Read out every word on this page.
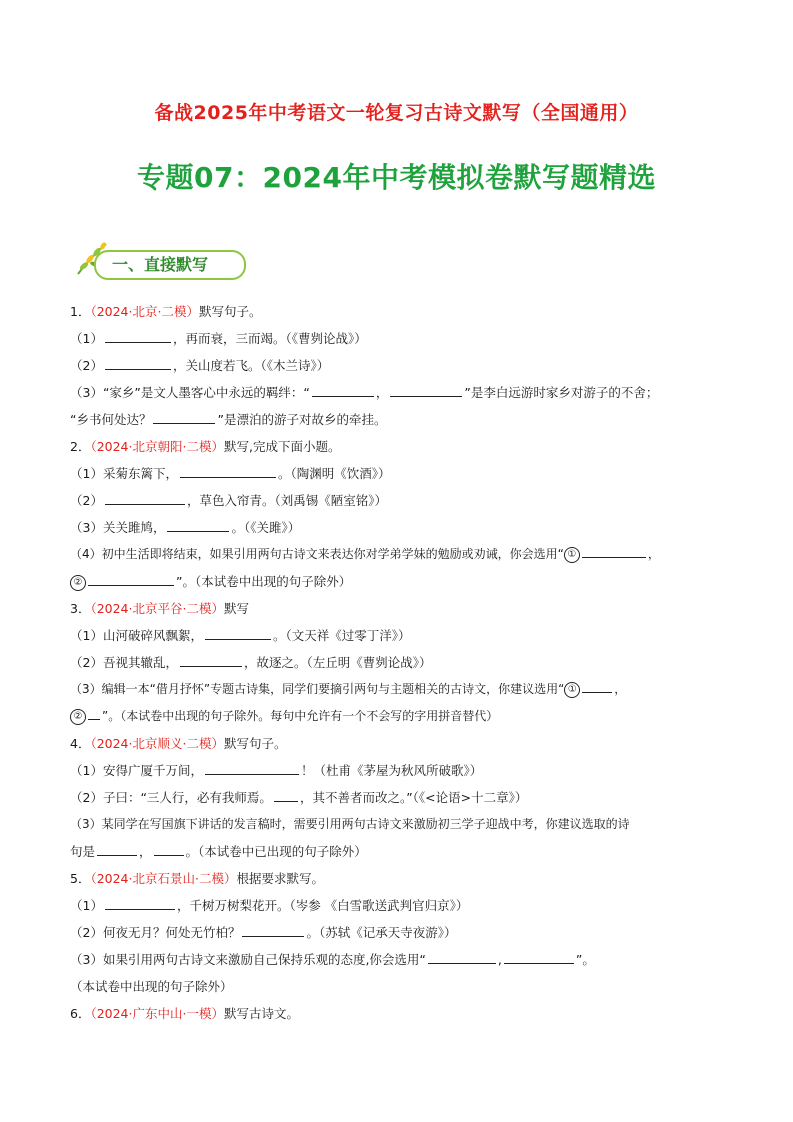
备战2025年中考语文一轮复习古诗文默写（全国通用）
专题07：2024年中考模拟卷默写题精选
一、直接默写
1．（2024·北京·二模）默写句子。
（1）	，再而衰，三而竭。（《曹刿论战》）
（2）	，关山度若飞。（《木兰诗》）
（3）“家乡”是文人墨客心中永远的羁绊：“	，	”是李白远游时家乡对游子的不舍；
“乡书何处达？	”是漂泊的游子对故乡的牵挂。
2．（2024·北京朝阳·二模）默写,完成下面小题。
（1）采菊东篱下，	。（陶渊明《饮酒》）
（2）	，草色入帘青。（刘禹锡《陋室铭》）
（3）关关雎鸠，	。（《关雎》）
（4）初中生活即将结束，如果引用两句古诗文来表达你对学弟学妹的勉励或劝诫，你会选用“ ①	，
②	”。（本试卷中出现的句子除外）
3．（2024·北京平谷·二模）默写
（1）山河破碎风飘絮，	。（文天祥《过零丁洋》）
（2）吾视其辙乱，	，故逐之。（左丘明《曹刿论战》）
（3）编辑一本“借月抒怀”专题古诗集，同学们要摘引两句与主题相关的古诗文，你建议选用“ ①	，
② ”。（本试卷中出现的句子除外。每句中允许有一个不会写的字用拼音替代）
4．（2024·北京顺义·二模）默写句子。
（1）安得广厦千万间，	！（杜甫《茅屋为秋风所破歌》）
（2）子曰：“三人行，必有我师焉。 ，其不善者而改之。”（《<论语>十二章》）
（3）某同学在写国旗下讲话的发言稿时，需要引用两句古诗文来激励初三学子迎战中考，你建议选取的诗
句是	，	。（本试卷中已出现的句子除外）
5．（2024·北京石景山·二模）根据要求默写。
（1）	，千树万树梨花开。（岑参 《白雪歌送武判官归京》）
（2）何夜无月？何处无竹柏？	。（苏轼《记承天寺夜游》）
（3）如果引用两句古诗文来激励自己保持乐观的态度,你会选用“	,	”。
（本试卷中出现的句子除外）
6．（2024·广东中山·一模）默写古诗文。
